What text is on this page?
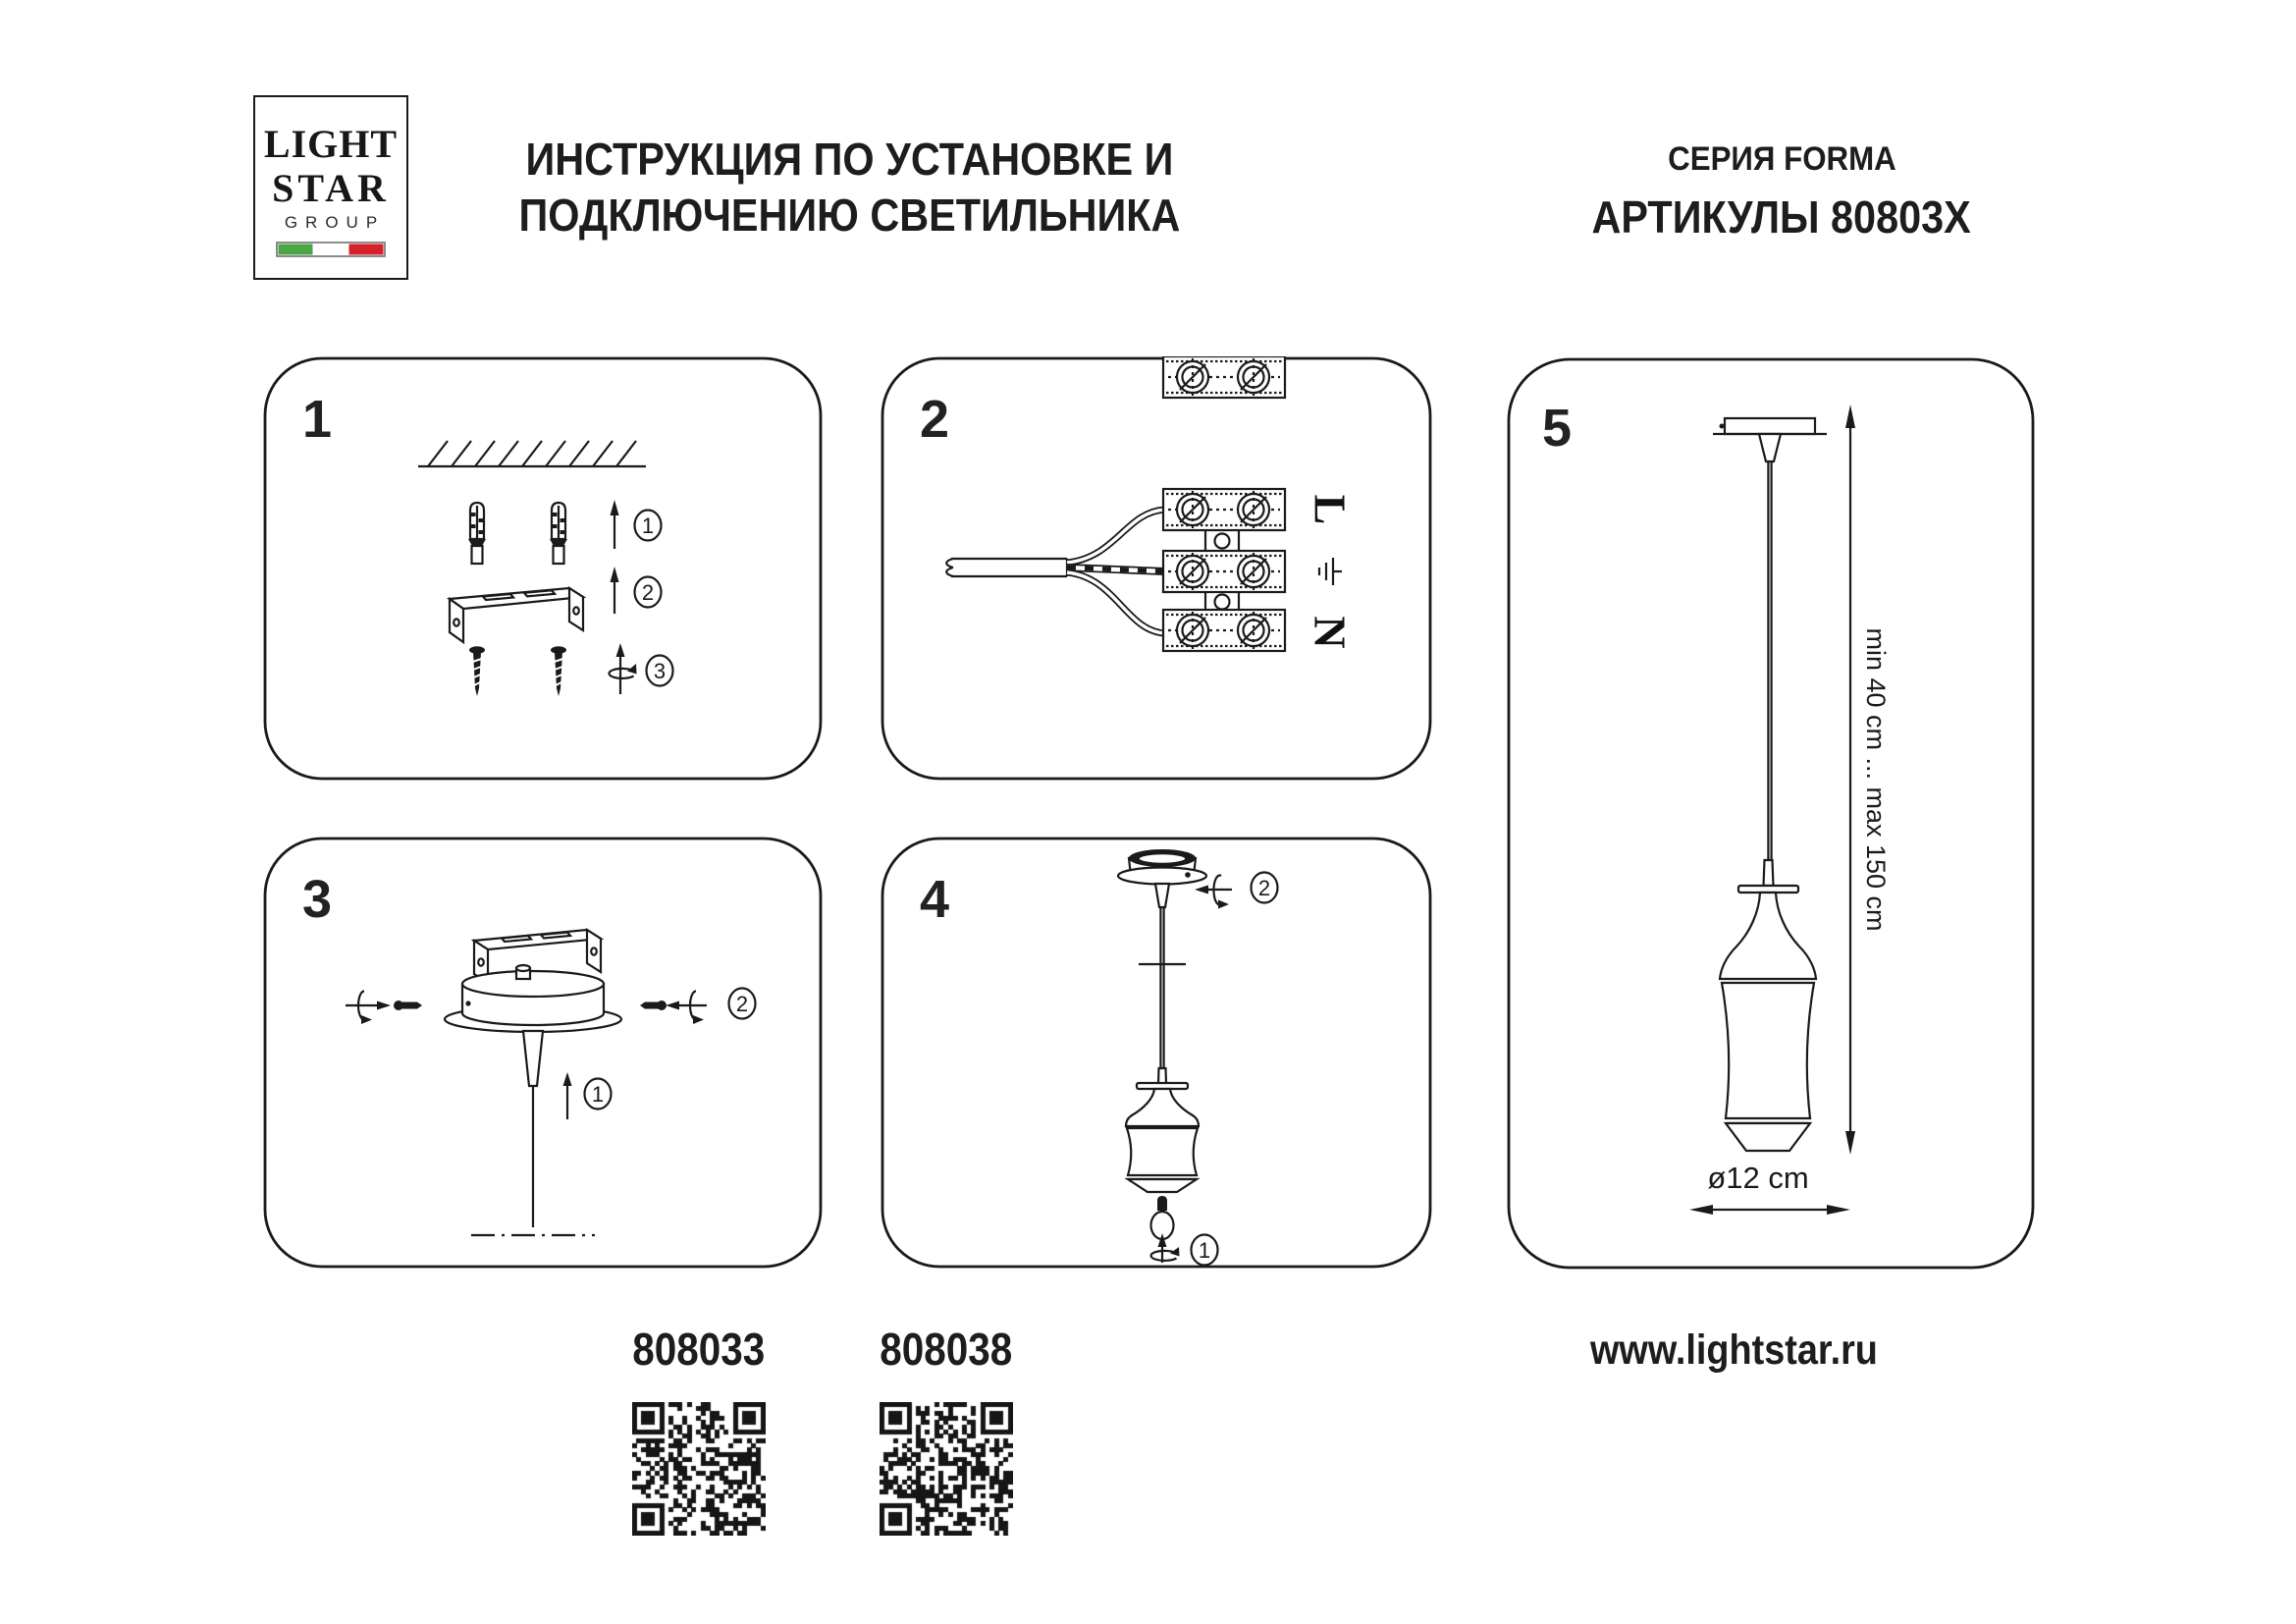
LIGHT
STAR
GROUP
ИНСТРУКЦИЯ ПО УСТАНОВКЕ И
ПОДКЛЮЧЕНИЮ СВЕТИЛЬНИКА
СЕРИЯ FORMA
АРТИКУЛЫ 80803X
1
1
2
3
2
L
N
3
1
2
4	2
1
5
min 40 cm ... max 150 cm
ø12 cm
808033	808038	www.lightstar.ru
